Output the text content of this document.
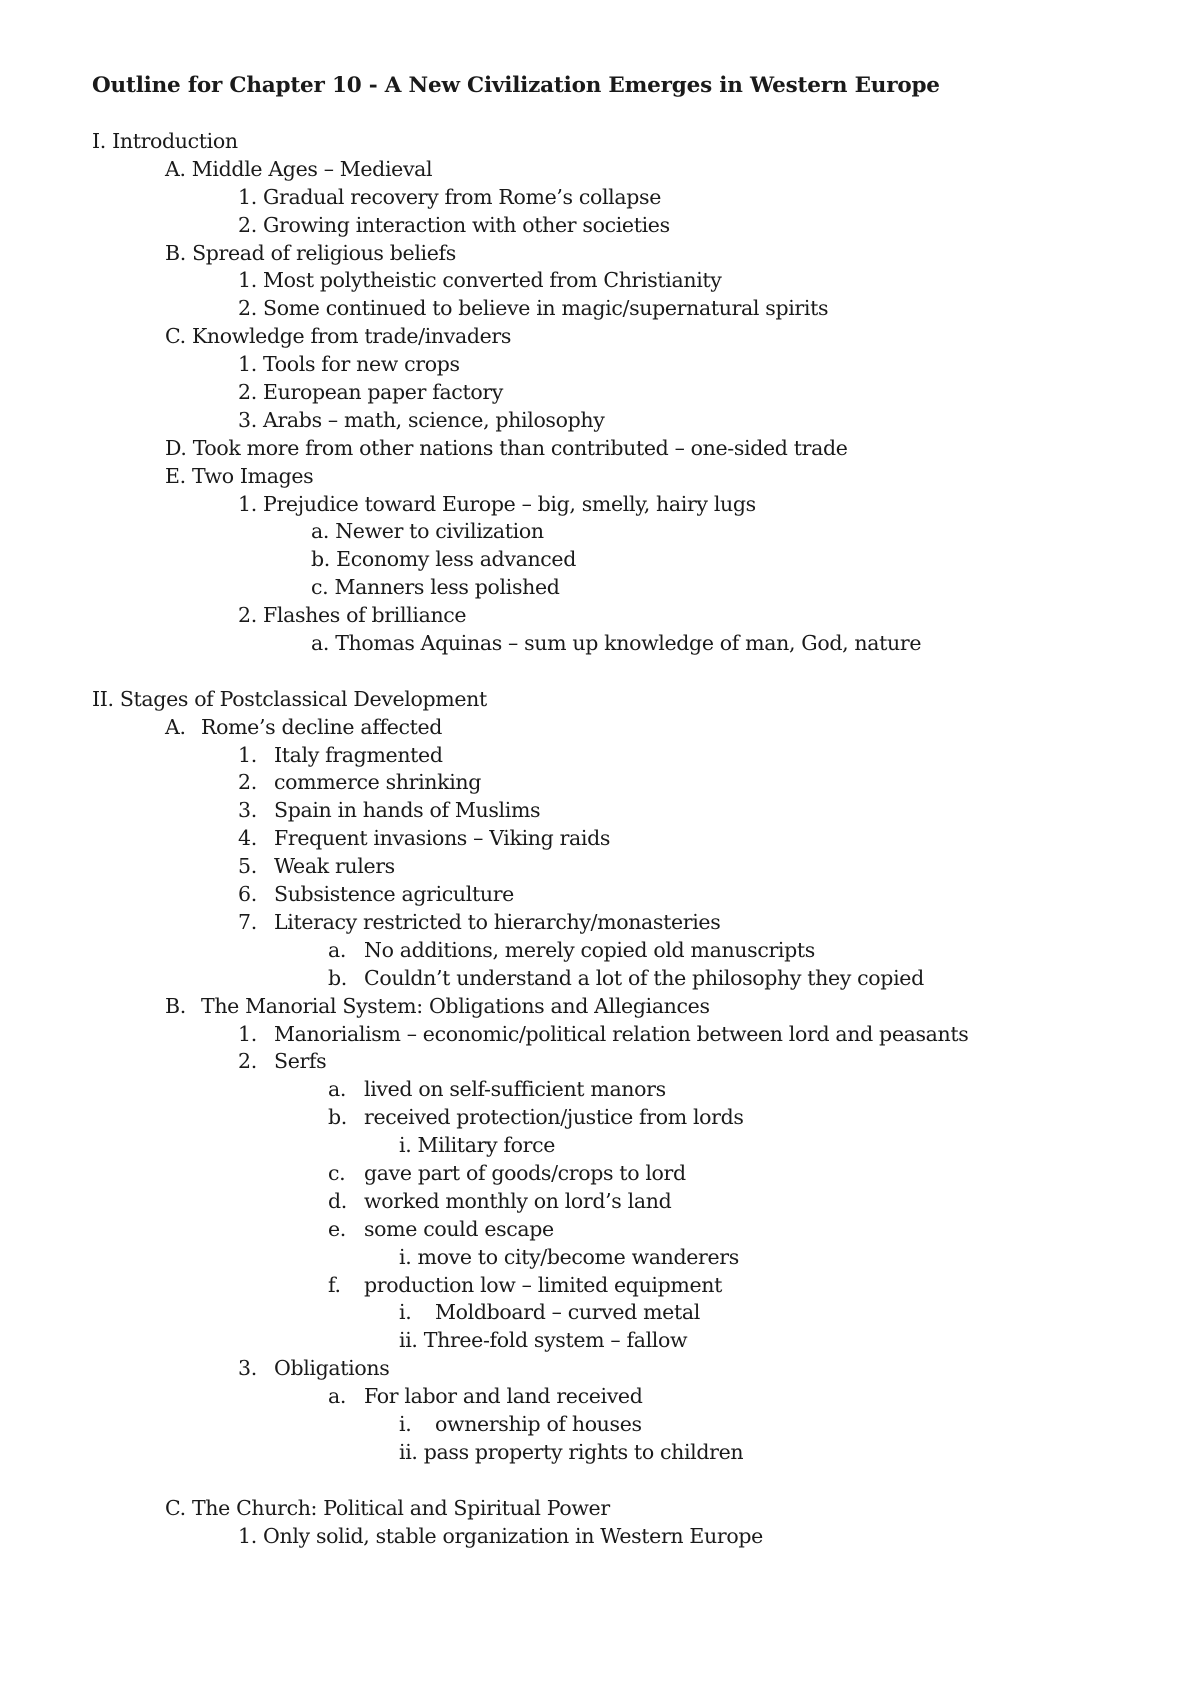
Outline for Chapter 10 - A New Civilization Emerges in Western Europe
I.
Introduction
A.
Middle Ages – Medieval
1.
Gradual recovery from Rome’s collapse
2.
Growing interaction with other societies
B.
Spread of religious beliefs
1.
Most polytheistic converted from Christianity
2.
Some continued to believe in magic/supernatural spirits
C.
Knowledge from trade/invaders
1.
Tools for new crops
2.
European paper factory
3.
Arabs – math, science, philosophy
D.
Took more from other nations than contributed – one-sided trade
E.
Two Images
1.
Prejudice toward Europe – big, smelly, hairy lugs
a.
Newer to civilization
b.
Economy less advanced
c.
Manners less polished
2.
Flashes of brilliance
a.
Thomas Aquinas – sum up knowledge of man, God, nature
II.
Stages of Postclassical Development
A. Rome’s decline affected
1. Italy fragmented
2. commerce shrinking
3. Spain in hands of Muslims
4. Frequent invasions – Viking raids
5. Weak rulers
6. Subsistence agriculture
7. Literacy restricted to hierarchy/monasteries
a. No additions, merely copied old manuscripts
b. Couldn’t understand a lot of the philosophy they copied
B. The Manorial System: Obligations and Allegiances
1. Manorialism – economic/political relation between lord and peasants
2. Serfs
a. lived on self-sufficient manors
b. received protection/justice from lords
i.
Military force
c. gave part of goods/crops to lord
d. worked monthly on lord’s land
e. some could escape
i.
move to city/become wanderers
f.	production low – limited equipment
i.	Moldboard – curved metal
ii.
Three-fold system – fallow
3. Obligations
a. For labor and land received
i.	ownership of houses
ii.
pass property rights to children
C.
The Church: Political and Spiritual Power
1.
Only solid, stable organization in Western Europe
